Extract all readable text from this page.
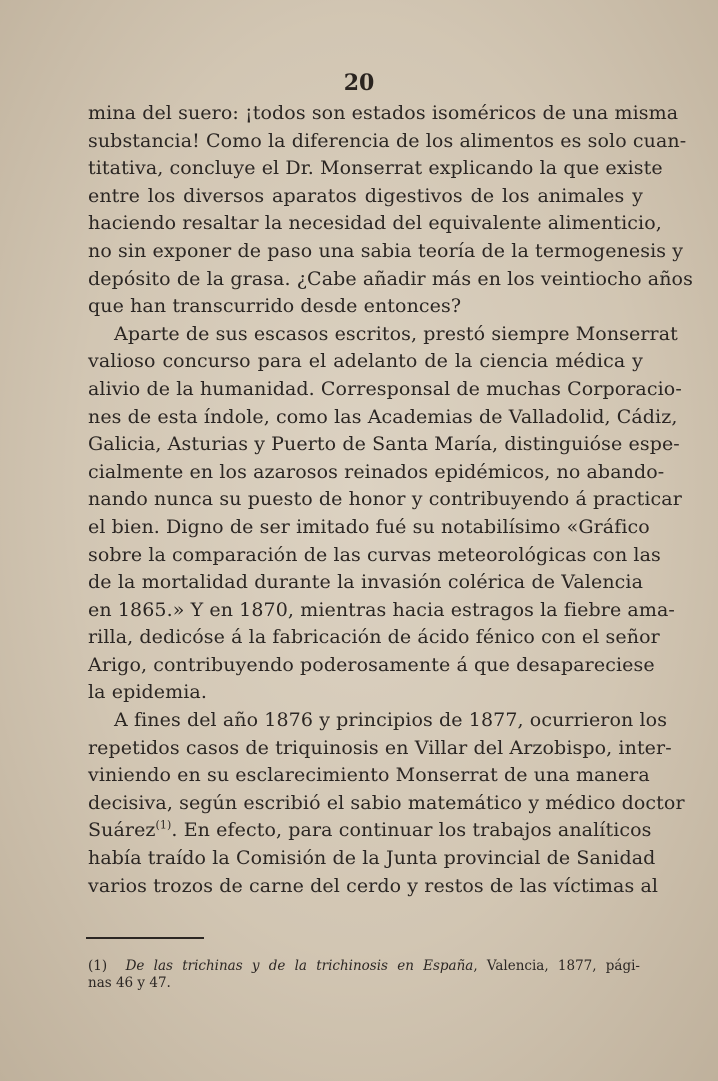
20
mina del suero: ¡todos son estados isoméricos de una misma
substancia! Como la diferencia de los alimentos es solo cuan-
titativa, concluye el Dr. Monserrat explicando la que existe
entre los diversos aparatos digestivos de los animales y
haciendo resaltar la necesidad del equivalente alimenticio,
no sin exponer de paso una sabia teoría de la termogenesis y
depósito de la grasa. ¿Cabe añadir más en los veintiocho años
que han transcurrido desde entonces?
Aparte de sus escasos escritos, prestó siempre Monserrat
valioso concurso para el adelanto de la ciencia médica y
alivio de la humanidad. Corresponsal de muchas Corporacio-
nes de esta índole, como las Academias de Valladolid, Cádiz,
Galicia, Asturias y Puerto de Santa María, distinguióse espe-
cialmente en los azarosos reinados epidémicos, no abando-
nando nunca su puesto de honor y contribuyendo á practicar
el bien. Digno de ser imitado fué su notabilísimo «Gráfico
sobre la comparación de las curvas meteorológicas con las
de la mortalidad durante la invasión colérica de Valencia
en 1865.» Y en 1870, mientras hacia estragos la fiebre ama-
rilla, dedicóse á la fabricación de ácido fénico con el señor
Arigo, contribuyendo poderosamente á que desapareciese
la epidemia.
A fines del año 1876 y principios de 1877, ocurrieron los
repetidos casos de triquinosis en Villar del Arzobispo, inter-
viniendo en su esclarecimiento Monserrat de una manera
decisiva, según escribió el sabio matemático y médico doctor
Suárez$^{(1)}$. En efecto, para continuar los trabajos analíticos
había traído la Comisión de la Junta provincial de Sanidad
varios trozos de carne del cerdo y restos de las víctimas al
(1) De las trichinas y de la trichinosis en España, Valencia, 1877, pági-
nas 46 y 47.
